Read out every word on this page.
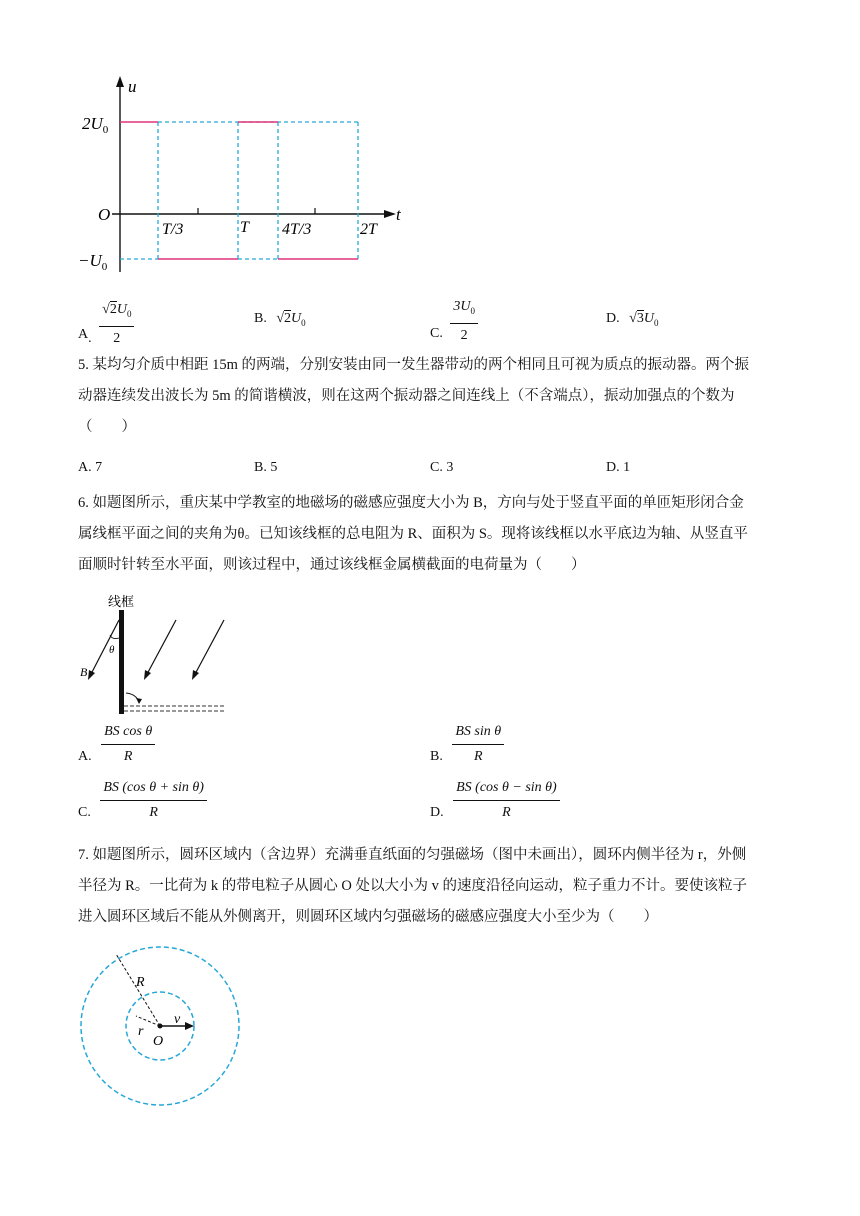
u
t
$2U_0$
$-U_0$
O
T/3	T 4T/3	2T
A. $\frac{√2U_0}{2}$	B. $√2U_0$
C. $\frac{3U_0}{2}$	D. $√3U_0$
5. 某均匀介质中相距 15m 的两端，分别安装由同一发生器带动的两个相同且可视为质点的振动器。两个振
动器连续发出波长为 5m 的简谐横波，则在这两个振动器之间连线上（不含端点），振动加强点的个数为
（　　）
A. 7	B. 5	C. 3	D. 1
6. 如题图所示，重庆某中学教室的地磁场的磁感应强度大小为 B，方向与处于竖直平面的单匝矩形闭合金
属线框平面之间的夹角为θ。已知该线框的总电阻为 R、面积为 S。现将该线框以水平底边为轴、从竖直平
面顺时针转至水平面，则该过程中，通过该线框金属横截面的电荷量为（　　）
线框
θ
B
A. $\frac{\text{BS cos θ}}{R}$	B. $\frac{\text{BS sin θ}}{R}$
C. $\frac{\text{BS (cos θ + sin θ)}}{R}$	D. $\frac{\text{BS (cos θ − sin θ)}}{R}$
7. 如题图所示，圆环区域内（含边界）充满垂直纸面的匀强磁场（图中未画出），圆环内侧半径为 r，外侧
半径为 R。一比荷为 k 的带电粒子从圆心 O 处以大小为 v 的速度沿径向运动，粒子重力不计。要使该粒子
进入圆环区域后不能从外侧离开，则圆环区域内匀强磁场的磁感应强度大小至少为（　　）
R
r
v
O
